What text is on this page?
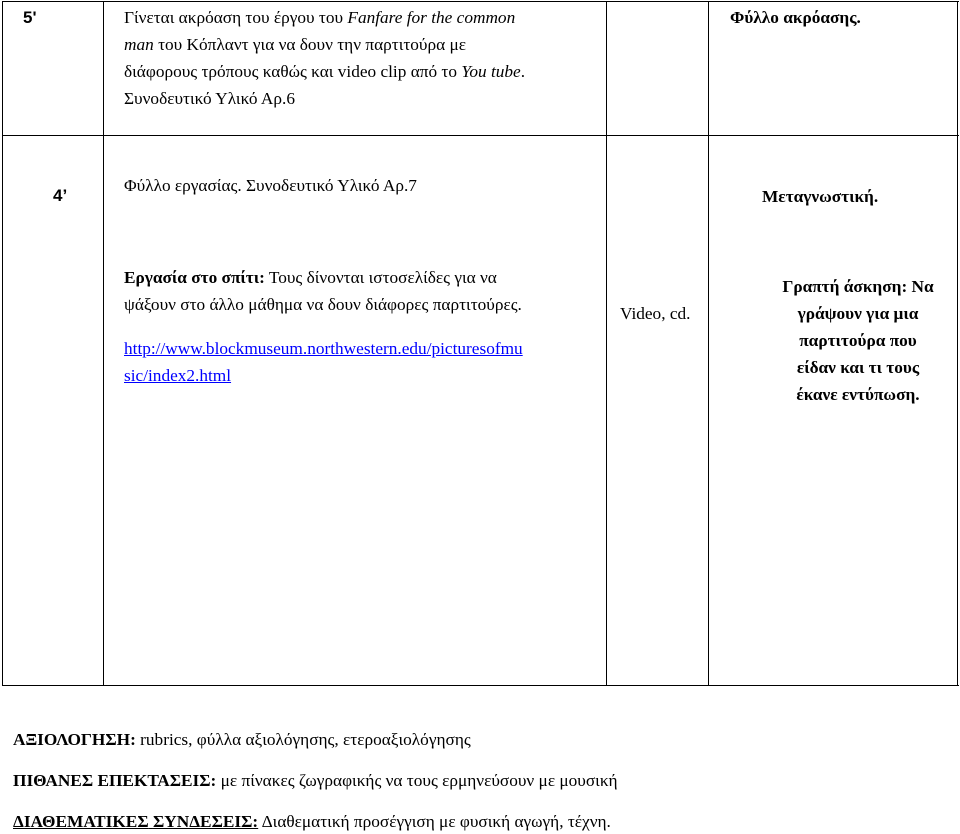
5'	Γίνεται ακρόαση του έργου του Fanfare for the common
man του Κόπλαντ για να δουν την παρτιτούρα με
διάφορους τρόπους καθώς και video clip από το You tube.
Συνοδευτικό Υλικό Αρ.6
Φύλλο ακρόασης.
4’
Φύλλο εργασίας. Συνοδευτικό Υλικό Αρ.7
Εργασία στο σπίτι: Τους δίνονται ιστοσελίδες για να
ψάξουν στο άλλο μάθημα να δουν διάφορες παρτιτούρες.
http://www.blockmuseum.northwestern.edu/picturesofmu
sic/index2.html
Video, cd.
Μεταγνωστική.
Γραπτή άσκηση: Να
γράψουν για μια
παρτιτούρα που
είδαν και τι τους
έκανε εντύπωση.

ΑΞΙΟΛΟΓΗΣΗ: rubrics, φύλλα αξιολόγησης, ετεροαξιολόγησης

ΠΙΘΑΝΕΣ ΕΠΕΚΤΑΣΕΙΣ: με πίνακες ζωγραφικής να τους ερμηνεύσουν με μουσική

ΔΙΑΘΕΜΑΤΙΚΕΣ ΣΥΝΔΕΣΕΙΣ: Διαθεματική προσέγγιση με φυσική αγωγή, τέχνη.
